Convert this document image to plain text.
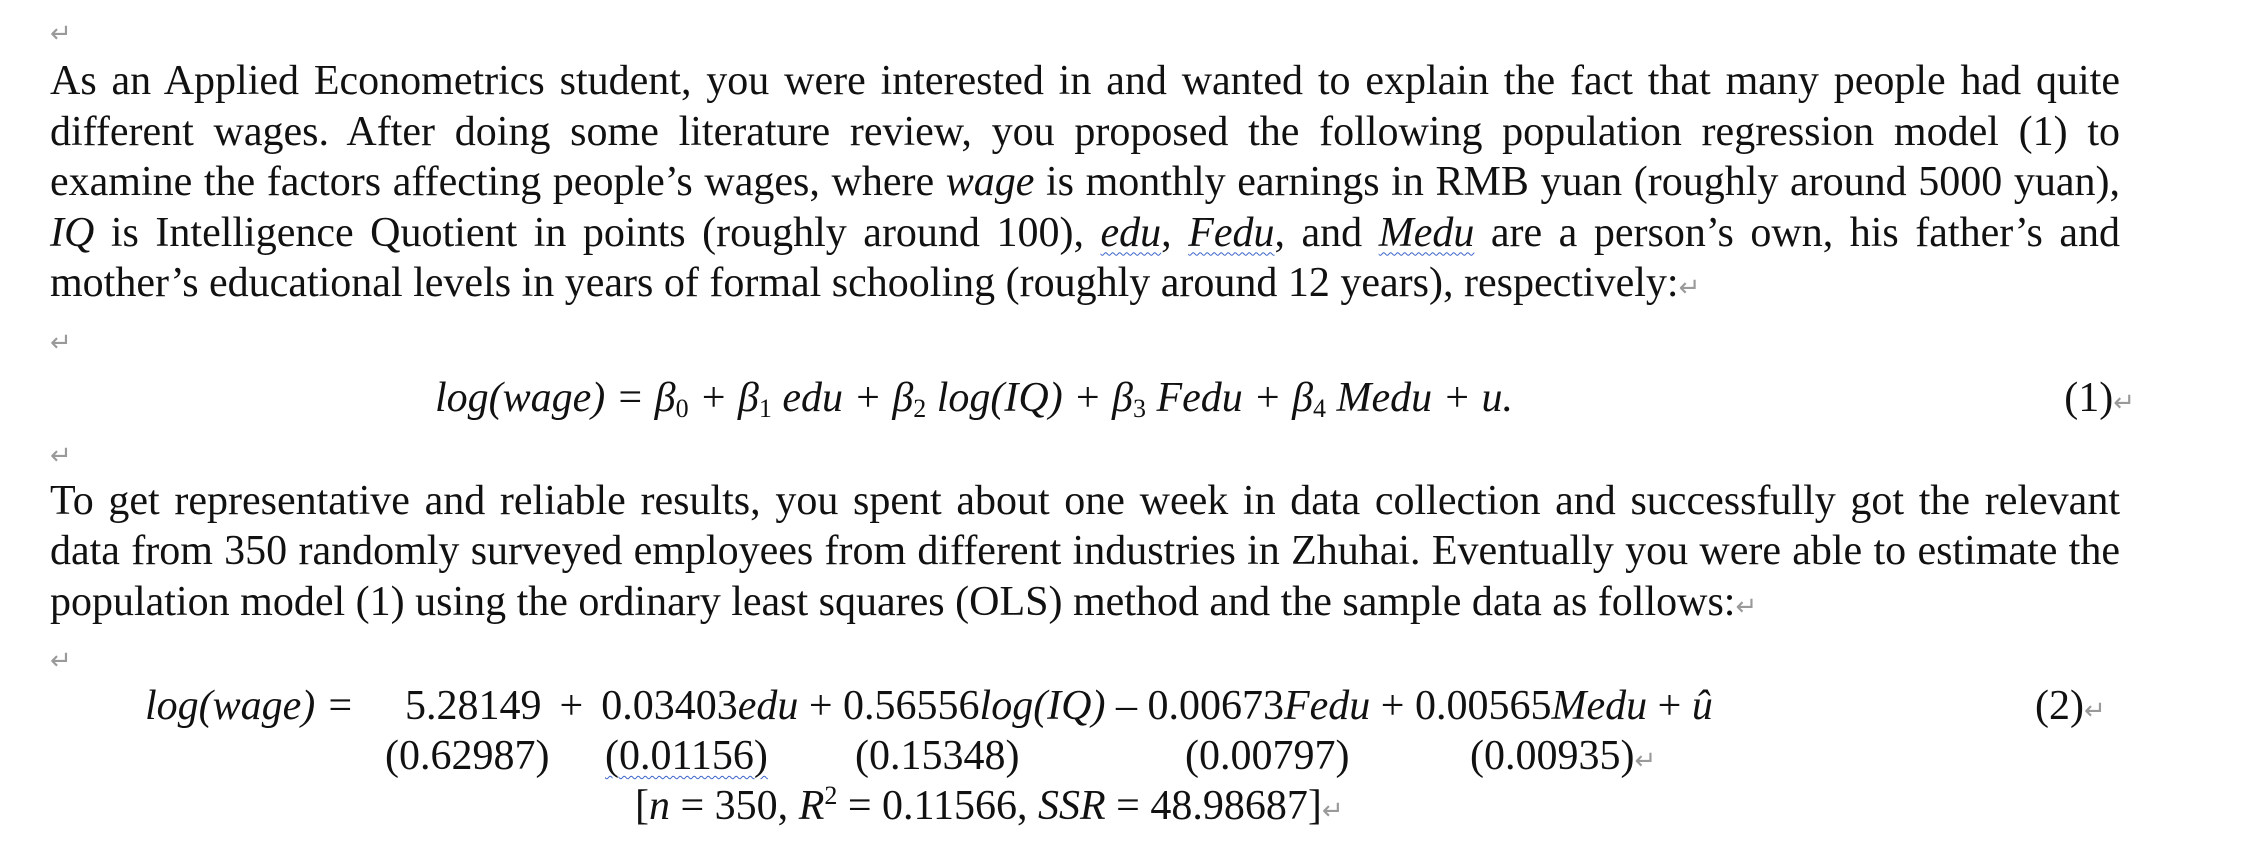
↵

As an Applied Econometrics student, you were interested in and wanted to explain the fact that many people had quite different wages. After doing some literature review, you proposed the following population regression model (1) to examine the factors affecting people’s wages, where wage is monthly earnings in RMB yuan (roughly around 5000 yuan), IQ is Intelligence Quotient in points (roughly around 100), edu, Fedu, and Medu are a person’s own, his father’s and mother’s educational levels in years of formal schooling (roughly around 12 years), respectively:↵

↵
log(wage) = $\beta_0 + \beta_1$ edu + $\beta_2$ $\log(IQ) + \beta_3$ Fedu + $\beta_4$ Medu + u.	(1)↵
↵

To get representative and reliable results, you spent about one week in data collection and successfully got the relevant data from 350 randomly surveyed employees from different industries in Zhuhai. Eventually you were able to estimate the population model (1) using the ordinary least squares (OLS) method and the sample data as follows:↵

↵
log(wage) = 5.28149 + 0.03403edu + 0.56556log(IQ) – 0.00673Fedu + 0.00565Medu + û	(2)↵
(0.62987) (0.01156) (0.15348)	(0.00797)	(0.00935)↵
[n = 350, $R^2 = 0.11566$, SSR = 48.98687]↵
